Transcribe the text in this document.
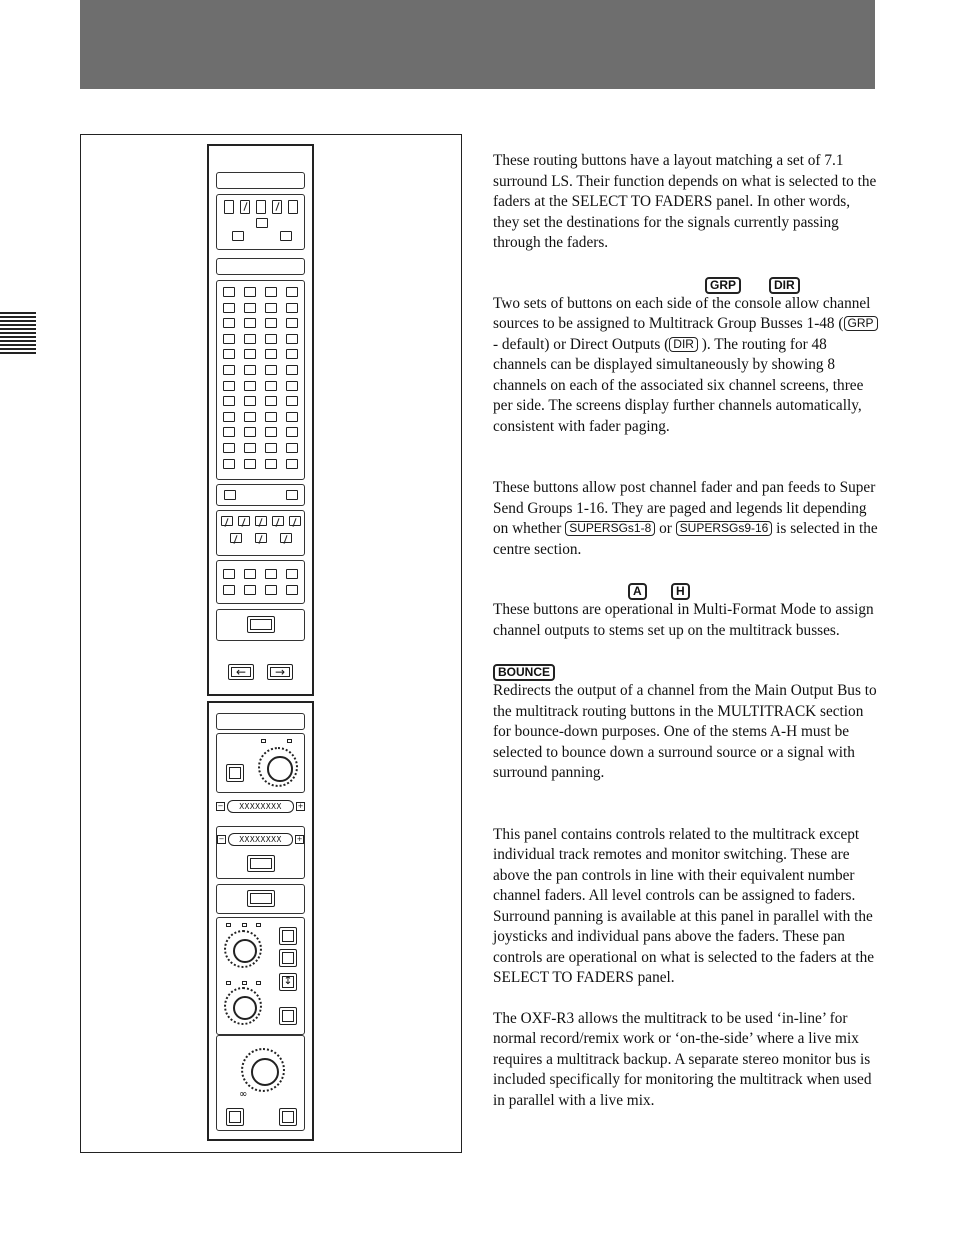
←	→
−	XXXXXXXX	+
−	XXXXXXXX	+
↕
∞

These routing buttons have a layout matching a set of 7.1 surround LS. Their function depends on what is selected to the faders at the SELECT TO FADERS panel. In other words, they set the destinations for the signals currently passing through the faders.

GRP	DIR

Two sets of buttons on each side of the console allow channel sources to be assigned to Multitrack Group Busses 1-48 ( GRP - default) or Direct Outputs ( DIR ). The routing for 48 channels can be displayed simultaneously by showing 8 channels on each of the associated six channel screens, three per side. The screens display further channels automatically, consistent with fader paging.

These buttons allow post channel fader and pan feeds to Super Send Groups 1-16. They are paged and legends lit depending on whether SUPERSGs1-8 or SUPERSGs9-16 is selected in the centre section.

A	H

These buttons are operational in Multi-Format Mode to assign channel outputs to stems set up on the multitrack busses.

BOUNCE

Redirects the output of a channel from the Main Output Bus to the multitrack routing buttons in the MULTITRACK section for bounce-down purposes. One of the stems A-H must be selected to bounce down a surround source or a signal with surround panning.

This panel contains controls related to the multitrack except individual track remotes and monitor switching. These are above the pan controls in line with their equivalent number channel faders. All level controls can be assigned to faders. Surround panning is available at this panel in parallel with the joysticks and individual pans above the faders. These pan controls are operational on what is selected to the faders at the SELECT TO FADERS panel.

The OXF-R3 allows the multitrack to be used ‘in-line’ for normal record/remix work or ‘on-the-side’ where a live mix requires a multitrack backup. A separate stereo monitor bus is included specifically for monitoring the multitrack when used in parallel with a live mix.
